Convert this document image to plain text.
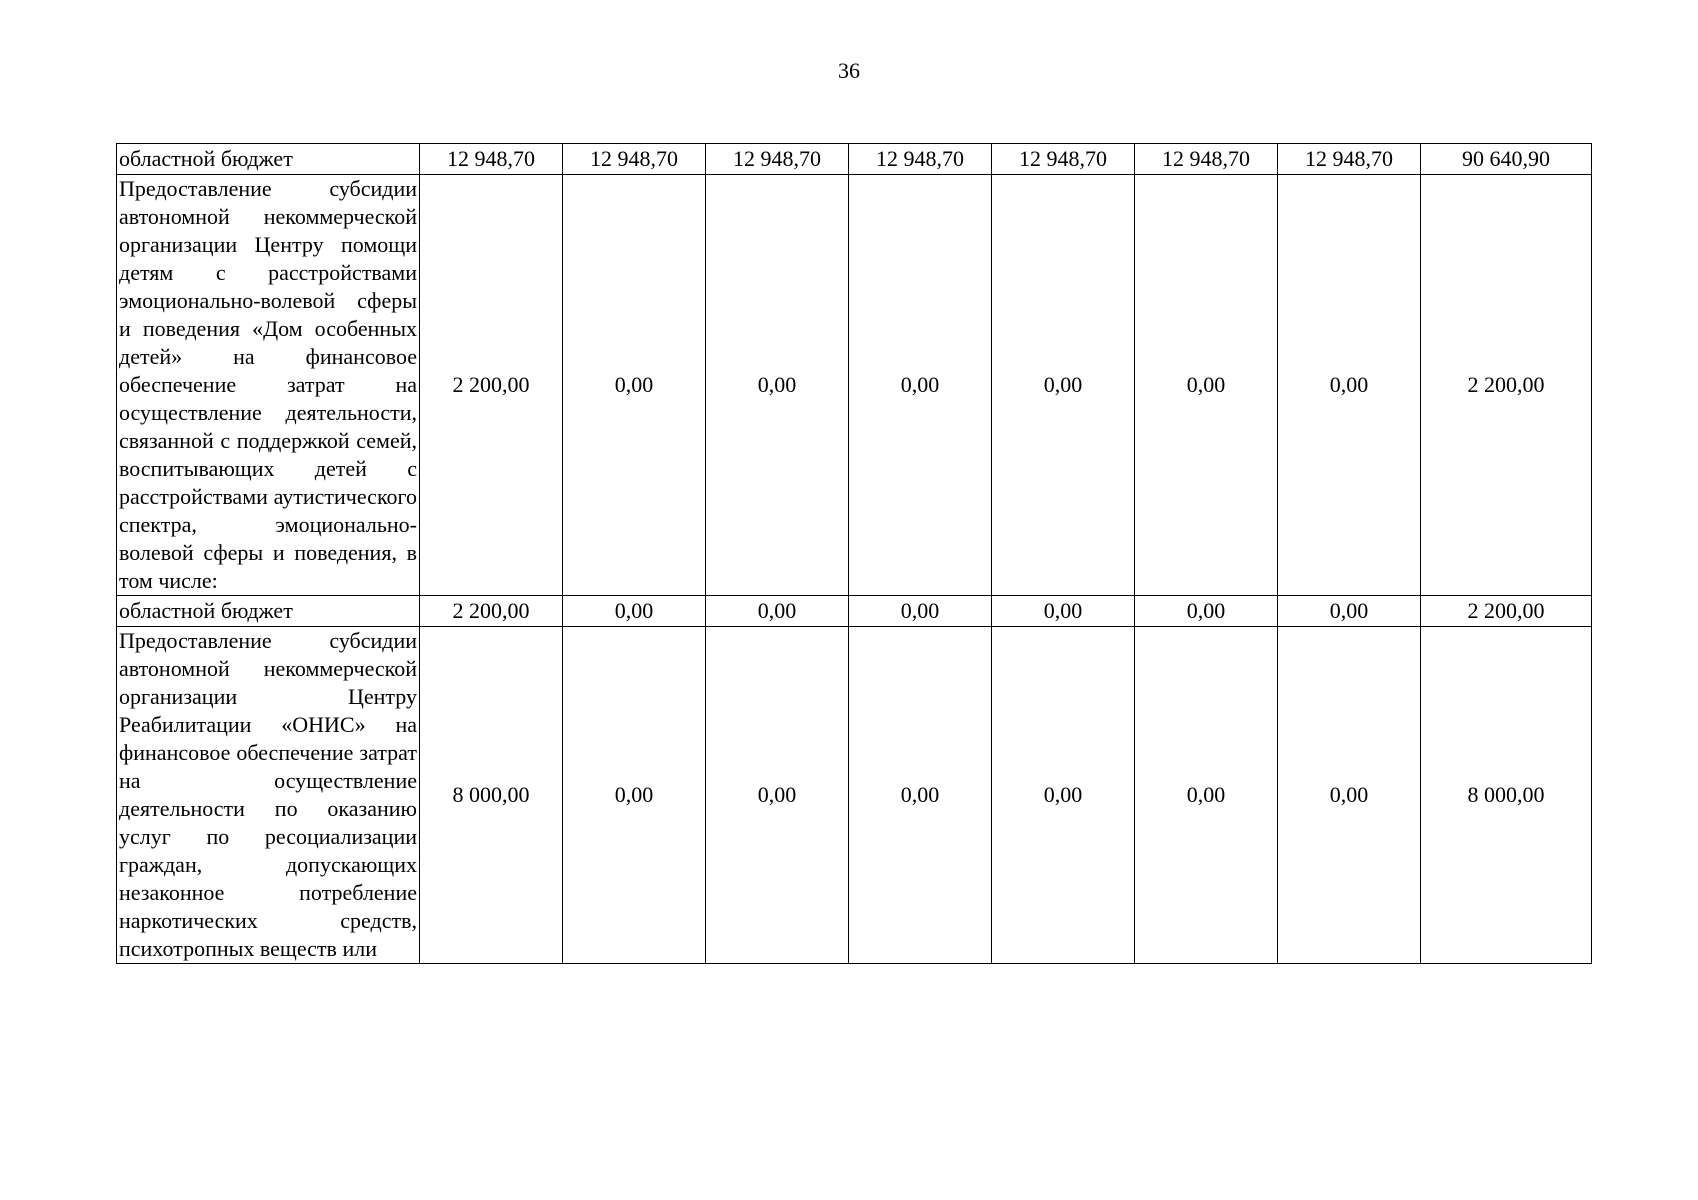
36
областной бюджет	12 948,70	12 948,70	12 948,70	12 948,70	12 948,70	12 948,70	12 948,70	90 640,90
Предоставление субсидии автономной некоммерческой организации Центру помощи детям с расстройствами эмоционально-волевой сферы и поведения «Дом особенных детей» на финансовое обеспечение затрат на осуществление деятельности, связанной с поддержкой семей, воспитывающих детей с расстройствами аутистического спектра, эмоционально-волевой сферы и поведения, в том числе:	2 200,00	0,00	0,00	0,00	0,00	0,00	0,00	2 200,00
областной бюджет	2 200,00	0,00	0,00	0,00	0,00	0,00	0,00	2 200,00
Предоставление субсидии автономной некоммерческой организации Центру Реабилитации «ОНИС» на финансовое обеспечение затрат на осуществление деятельности по оказанию услуг по ресоциализации граждан, допускающих незаконное потребление наркотических средств, психотропных веществ или	8 000,00	0,00	0,00	0,00	0,00	0,00	0,00	8 000,00
